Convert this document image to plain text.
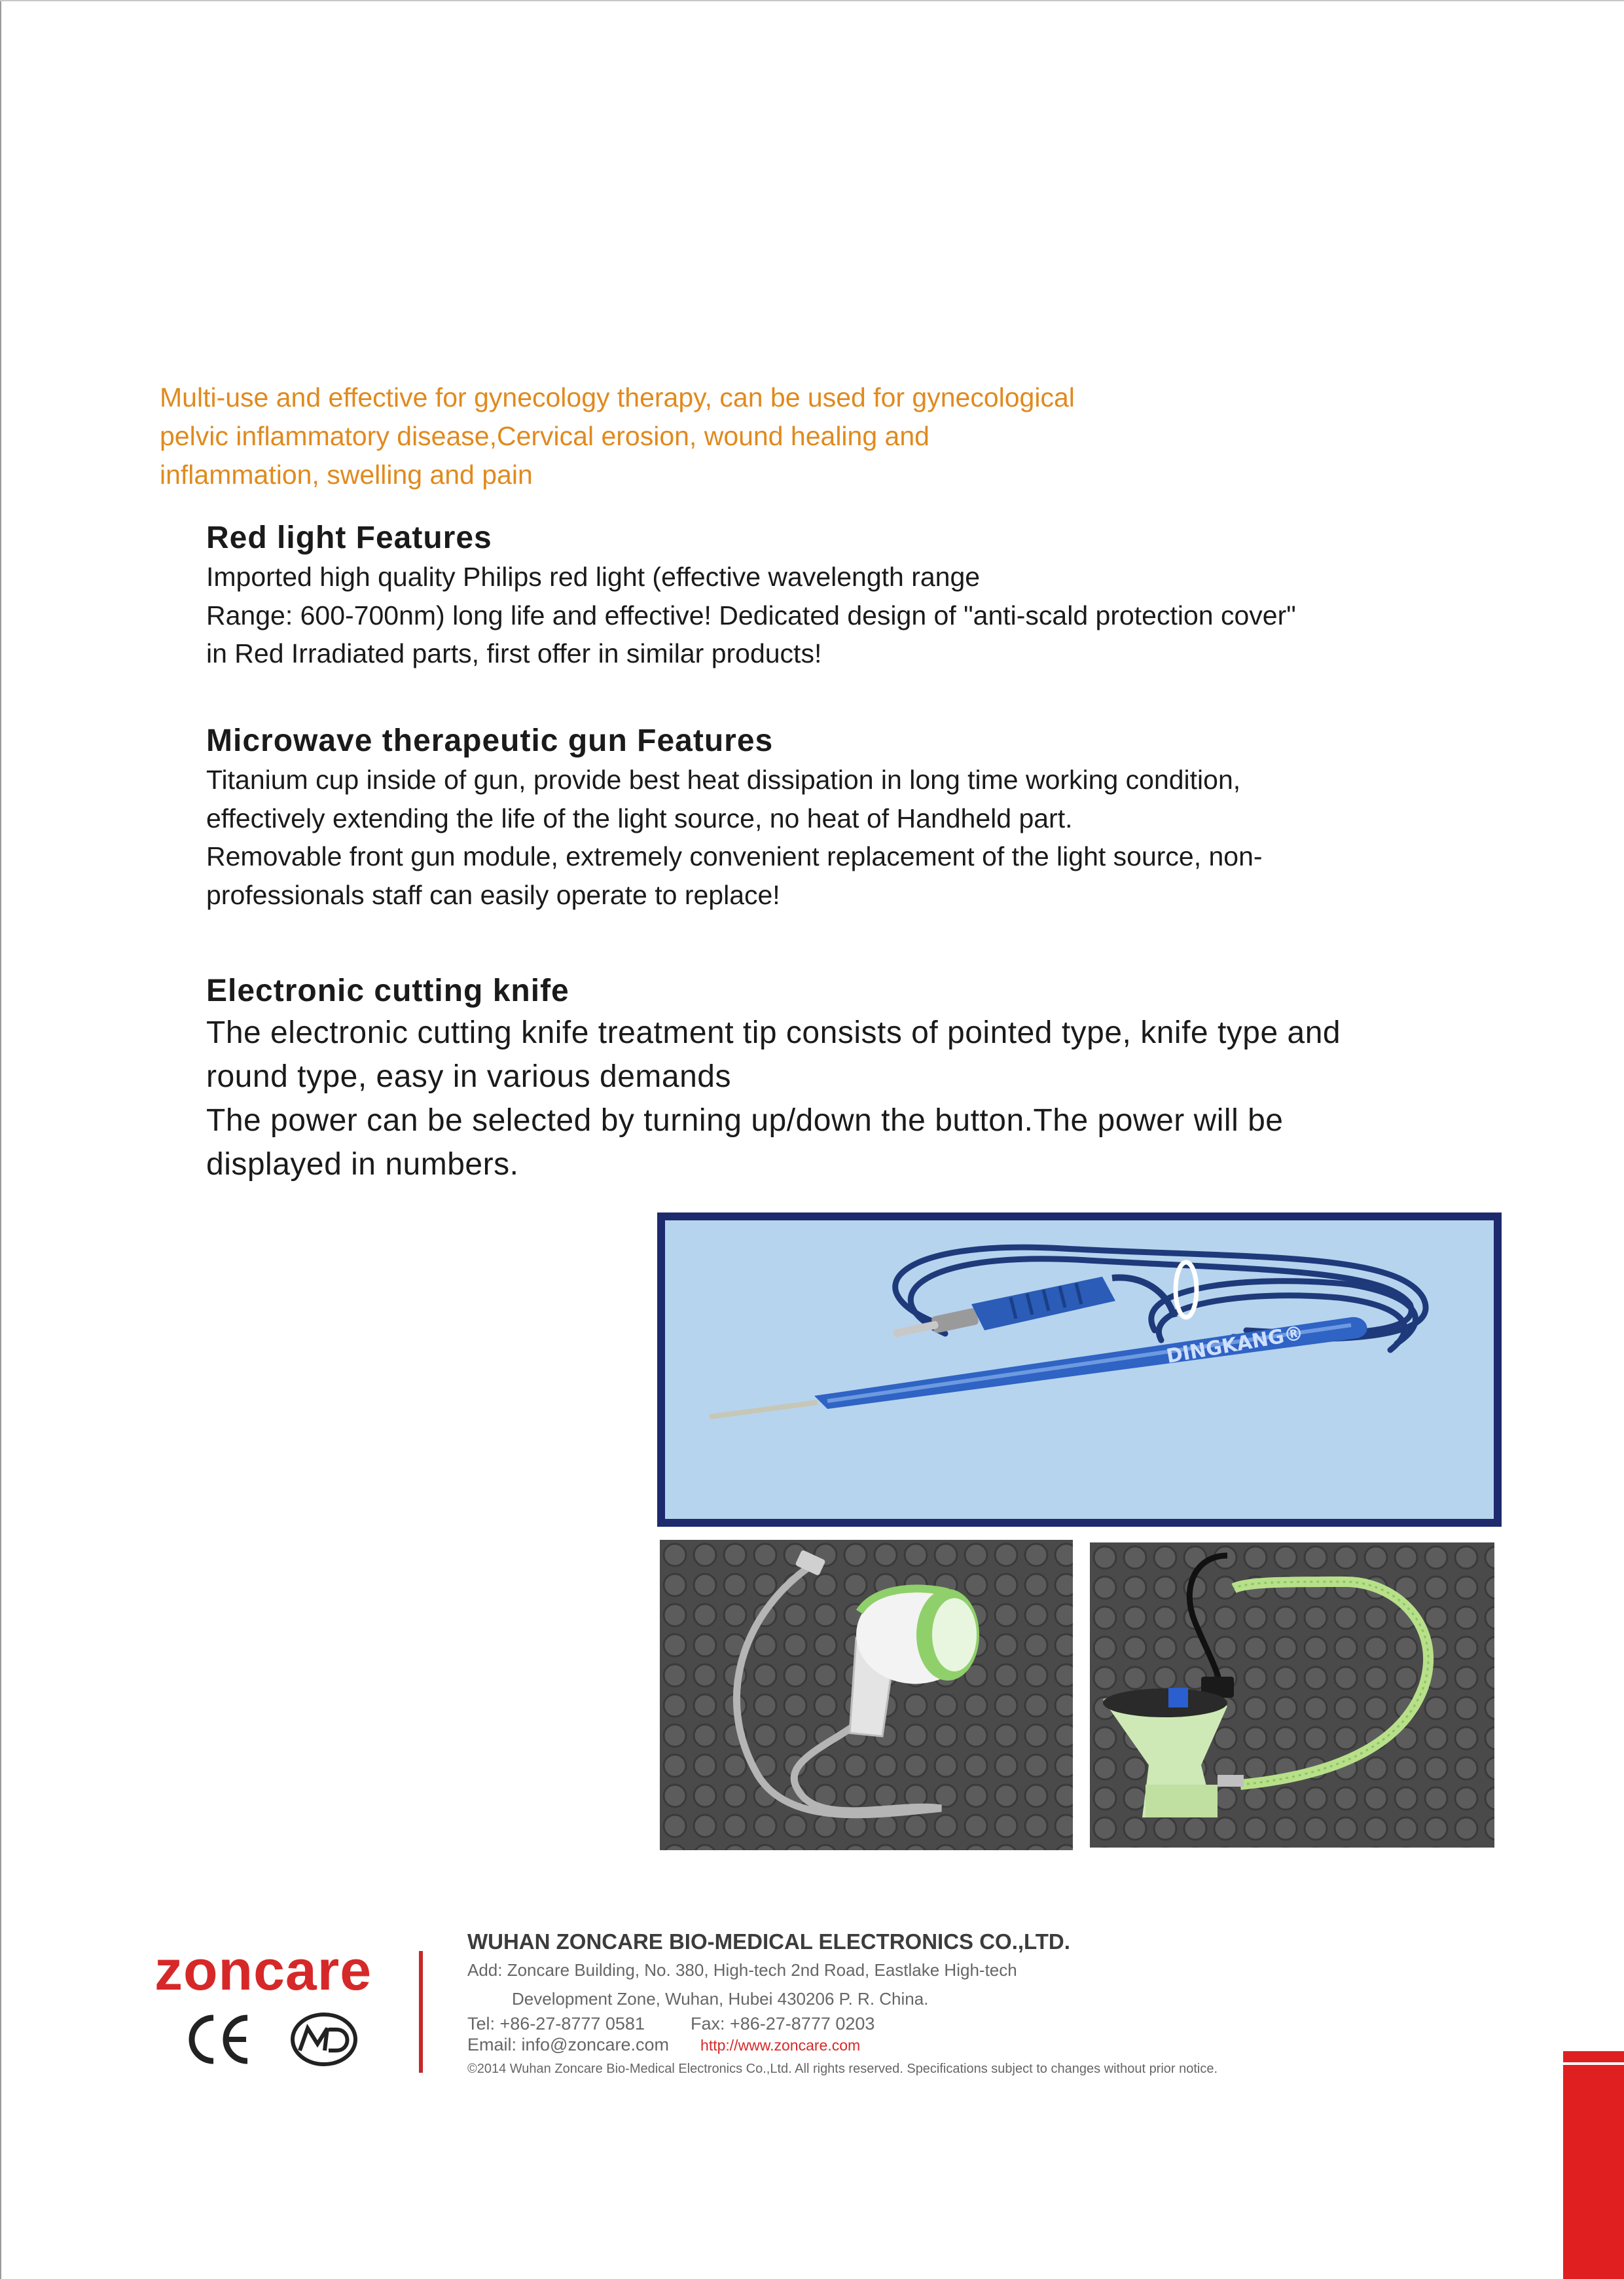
Multi-use and effective for gynecology therapy, can be used for gynecological
pelvic inflammatory disease,Cervical erosion, wound healing and
inflammation, swelling and pain
Red light Features

Imported high quality Philips red light (effective wavelength range
Range: 600-700nm) long life and effective! Dedicated design of "anti-scald protection cover"
in Red Irradiated parts, first offer in similar products!

Microwave therapeutic gun Features

Titanium cup inside of gun, provide best heat dissipation in long time working condition,
effectively extending the life of the light source, no heat of Handheld part.
Removable front gun module, extremely convenient replacement of the light source, non-
professionals staff can easily operate to replace!

Electronic cutting knife

The electronic cutting knife treatment tip consists of pointed type, knife type and
round type, easy in various demands
The power can be selected by turning up/down the button.The power will be
displayed in numbers.

DINGKANG®
zoncare	WUHAN ZONCARE BIO-MEDICAL ELECTRONICS CO.,LTD.
Add: Zoncare Building, No. 380, High-tech 2nd Road, Eastlake High-tech
Development Zone, Wuhan, Hubei 430206 P. R. China.
Tel: +86-27-8777 0581	Fax: +86-27-8777 0203
Email: info@zoncare.com http://www.zoncare.com
©2014 Wuhan Zoncare Bio-Medical Electronics Co.,Ltd. All rights reserved. Specifications subject to changes without prior notice.
